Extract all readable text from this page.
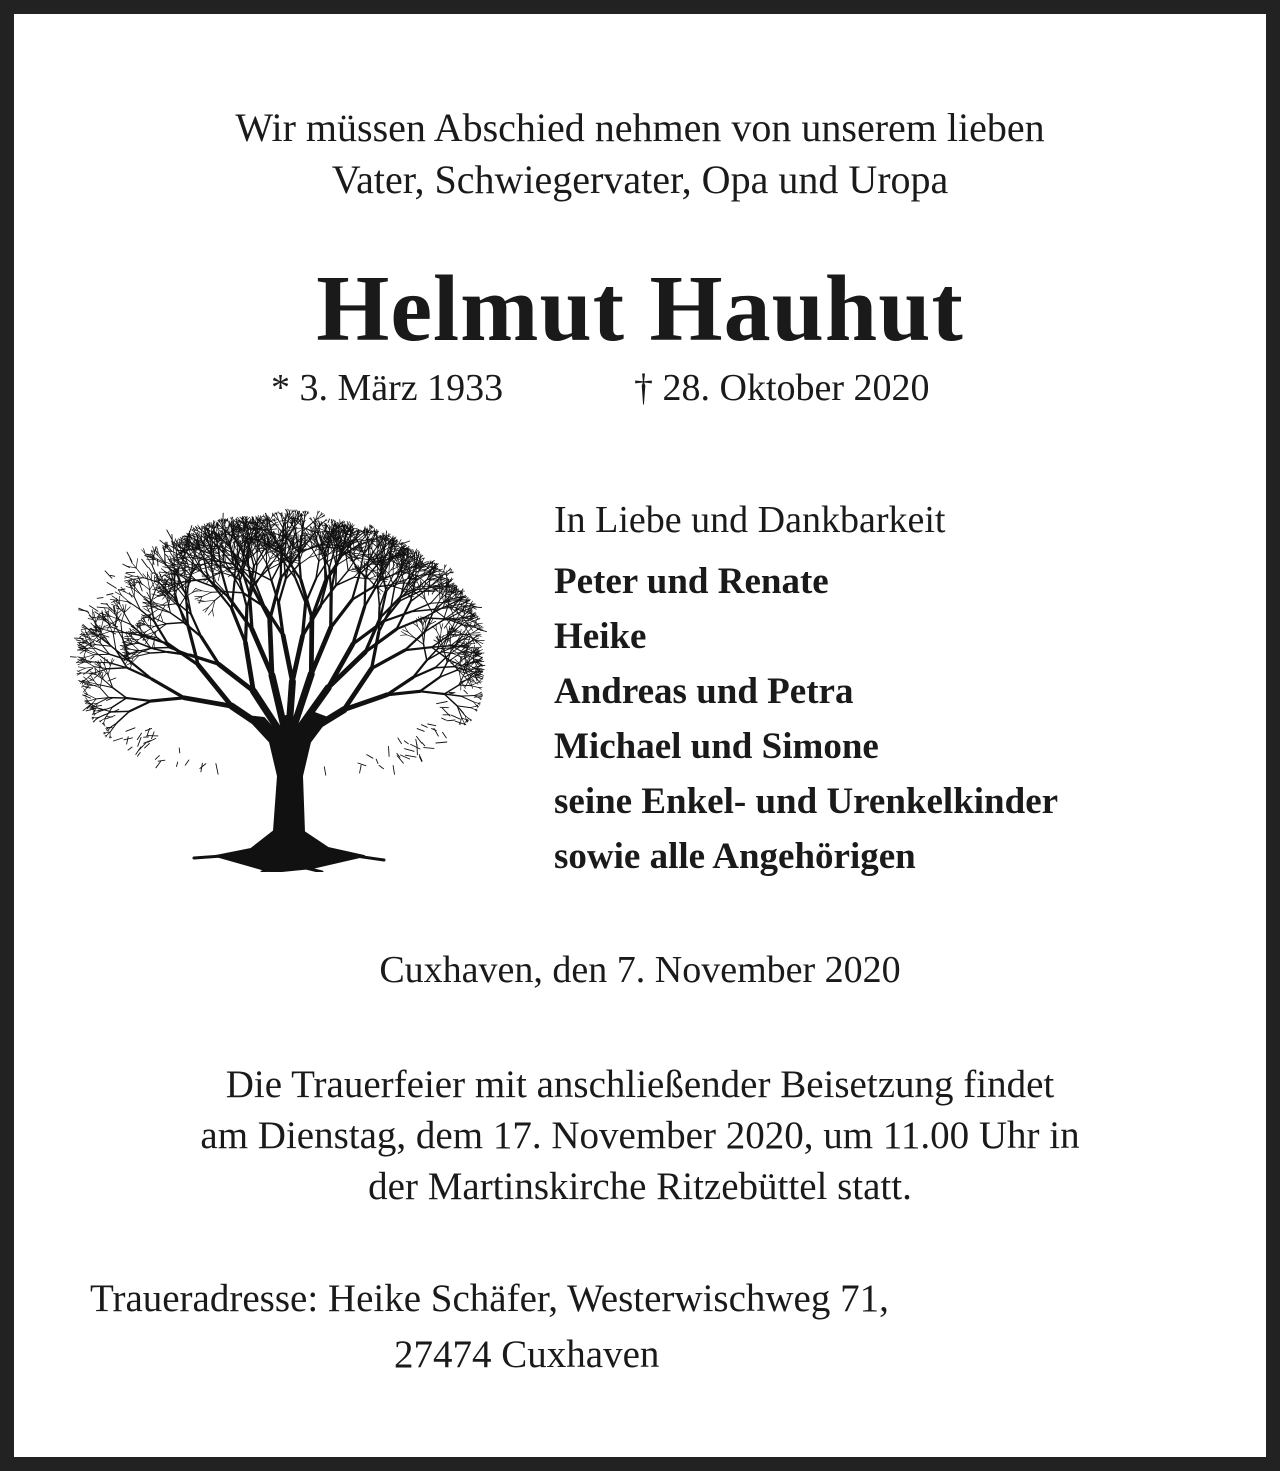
Wir müssen Abschied nehmen von unserem lieben
Vater, Schwiegervater, Opa und Uropa
Helmut Hauhut
* 3. März 1933	† 28. Oktober 2020
In Liebe und Dankbarkeit
Peter und Renate
Heike
Andreas und Petra
Michael und Simone
seine Enkel- und Urenkelkinder
sowie alle Angehörigen
Cuxhaven, den 7. November 2020
Die Trauerfeier mit anschließender Beisetzung findet
am Dienstag, dem 17. November 2020, um 11.00 Uhr in
der Martinskirche Ritzebüttel statt.
Traueradresse: Heike Schäfer, Westerwischweg 71,
27474 Cuxhaven
